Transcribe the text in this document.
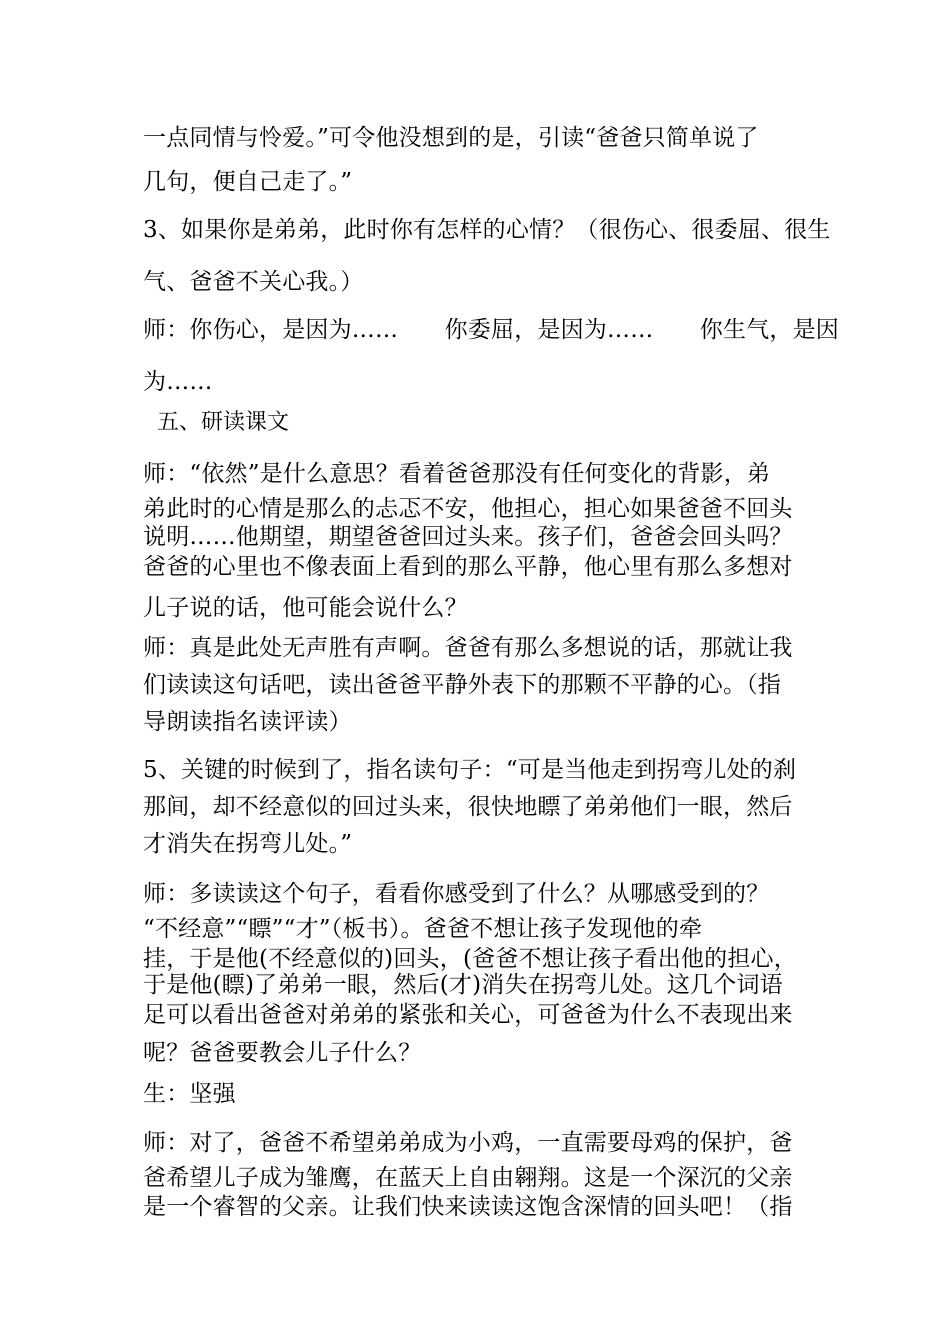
一点同情与怜爱。”可令他没想到的是，引读“爸爸只简单说了
几句，便自己走了。”
3、如果你是弟弟，此时你有怎样的心情？（很伤心、很委屈、很生
气、爸爸不关心我。）
师：你伤心，是因为……　　你委屈，是因为……　　你生气，是因
为……
五、研读课文
师：“依然”是什么意思？看着爸爸那没有任何变化的背影，弟
弟此时的心情是那么的忐忑不安，他担心，担心如果爸爸不回头
说明……他期望，期望爸爸回过头来。孩子们，爸爸会回头吗？
爸爸的心里也不像表面上看到的那么平静，他心里有那么多想对
儿子说的话，他可能会说什么？
师：真是此处无声胜有声啊。爸爸有那么多想说的话，那就让我
们读读这句话吧，读出爸爸平静外表下的那颗不平静的心。（指
导朗读指名读评读）
5、关键的时候到了，指名读句子：“可是当他走到拐弯儿处的刹
那间，却不经意似的回过头来，很快地瞟了弟弟他们一眼，然后
才消失在拐弯儿处。”
师：多读读这个句子，看看你感受到了什么？从哪感受到的？
“不经意”“瞟”“才”（板书）。爸爸不想让孩子发现他的牵
挂，于是他(不经意似的)回头，(爸爸不想让孩子看出他的担心，
于是他(瞟)了弟弟一眼，然后(才)消失在拐弯儿处。这几个词语
足可以看出爸爸对弟弟的紧张和关心，可爸爸为什么不表现出来
呢？爸爸要教会儿子什么？
生：坚强
师：对了，爸爸不希望弟弟成为小鸡，一直需要母鸡的保护，爸
爸希望儿子成为雏鹰，在蓝天上自由翱翔。这是一个深沉的父亲
是一个睿智的父亲。让我们快来读读这饱含深情的回头吧！（指
